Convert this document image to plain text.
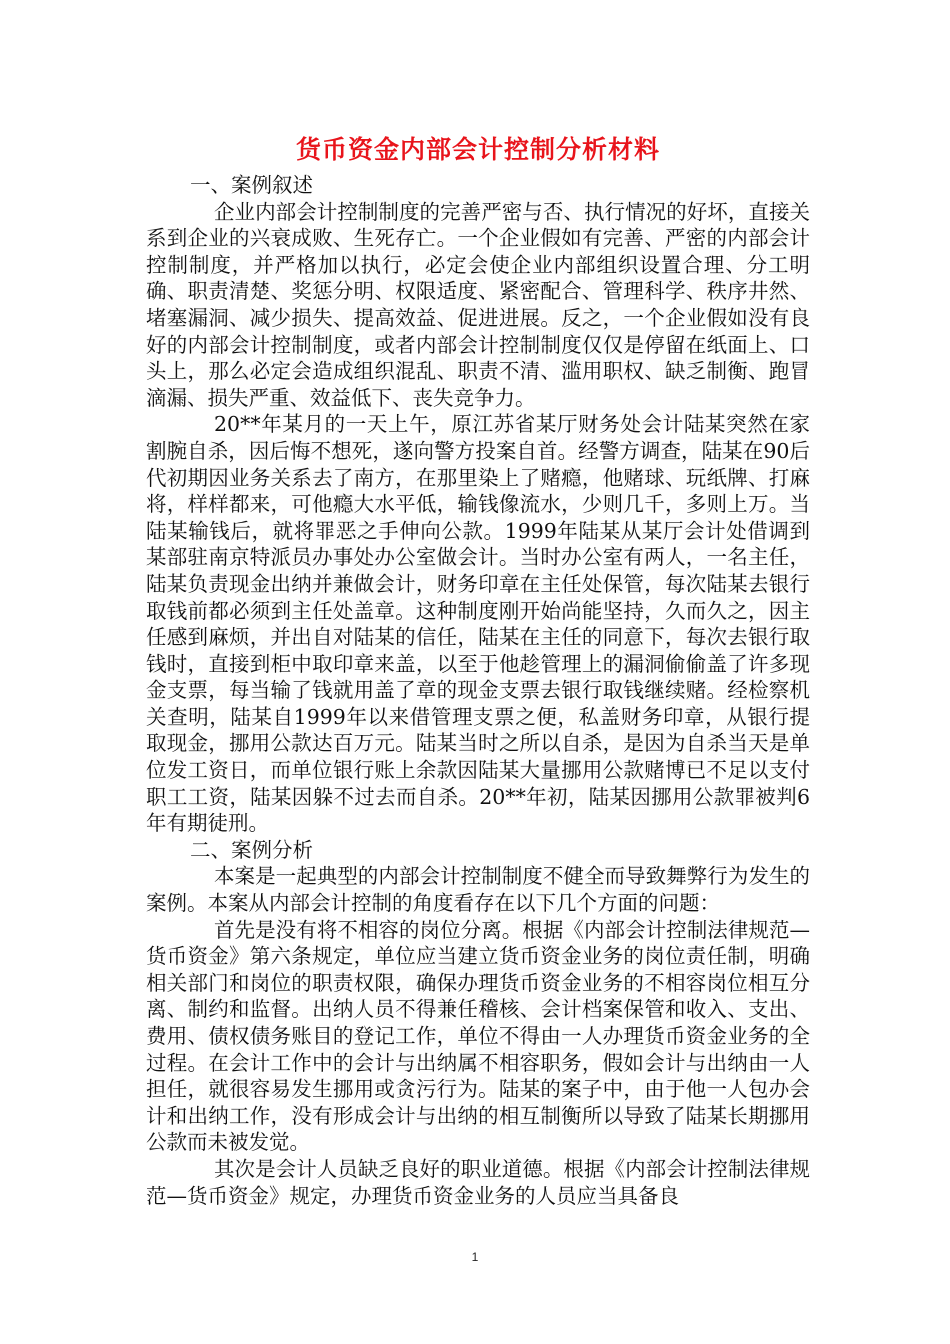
货币资金内部会计控制分析材料

一、案例叙述

企业内部会计控制制度的完善严密与否、执行情况的好坏，直接关系到企业的兴衰成败、生死存亡。一个企业假如有完善、严密的内部会计控制制度，并严格加以执行，必定会使企业内部组织设置合理、分工明确、职责清楚、奖惩分明、权限适度、紧密配合、管理科学、秩序井然、堵塞漏洞、减少损失、提高效益、促进进展。反之，一个企业假如没有良好的内部会计控制制度，或者内部会计控制制度仅仅是停留在纸面上、口头上，那么必定会造成组织混乱、职责不清、滥用职权、缺乏制衡、跑冒滴漏、损失严重、效益低下、丧失竞争力。

20**年某月的一天上午，原江苏省某厅财务处会计陆某突然在家割腕自杀，因后悔不想死，遂向警方投案自首。经警方调查，陆某在90后代初期因业务关系去了南方，在那里染上了赌瘾，他赌球、玩纸牌、打麻将，样样都来，可他瘾大水平低，输钱像流水，少则几千，多则上万。当陆某输钱后，就将罪恶之手伸向公款。1999年陆某从某厅会计处借调到某部驻南京特派员办事处办公室做会计。当时办公室有两人，一名主任，陆某负责现金出纳并兼做会计，财务印章在主任处保管，每次陆某去银行取钱前都必须到主任处盖章。这种制度刚开始尚能坚持，久而久之，因主任感到麻烦，并出自对陆某的信任，陆某在主任的同意下，每次去银行取钱时，直接到柜中取印章来盖，以至于他趁管理上的漏洞偷偷盖了许多现金支票，每当输了钱就用盖了章的现金支票去银行取钱继续赌。经检察机关查明，陆某自1999年以来借管理支票之便，私盖财务印章，从银行提取现金，挪用公款达百万元。陆某当时之所以自杀，是因为自杀当天是单位发工资日，而单位银行账上余款因陆某大量挪用公款赌博已不足以支付职工工资，陆某因躲不过去而自杀。20**年初，陆某因挪用公款罪被判6年有期徒刑。

二、案例分析

本案是一起典型的内部会计控制制度不健全而导致舞弊行为发生的案例。本案从内部会计控制的角度看存在以下几个方面的问题：

首先是没有将不相容的岗位分离。根据《内部会计控制法律规范—货币资金》第六条规定，单位应当建立货币资金业务的岗位责任制，明确相关部门和岗位的职责权限，确保办理货币资金业务的不相容岗位相互分离、制约和监督。出纳人员不得兼任稽核、会计档案保管和收入、支出、费用、债权债务账目的登记工作，单位不得由一人办理货币资金业务的全过程。在会计工作中的会计与出纳属不相容职务，假如会计与出纳由一人担任，就很容易发生挪用或贪污行为。陆某的案子中，由于他一人包办会计和出纳工作，没有形成会计与出纳的相互制衡所以导致了陆某长期挪用公款而未被发觉。

其次是会计人员缺乏良好的职业道德。根据《内部会计控制法律规范—货币资金》规定，办理货币资金业务的人员应当具备良

1
